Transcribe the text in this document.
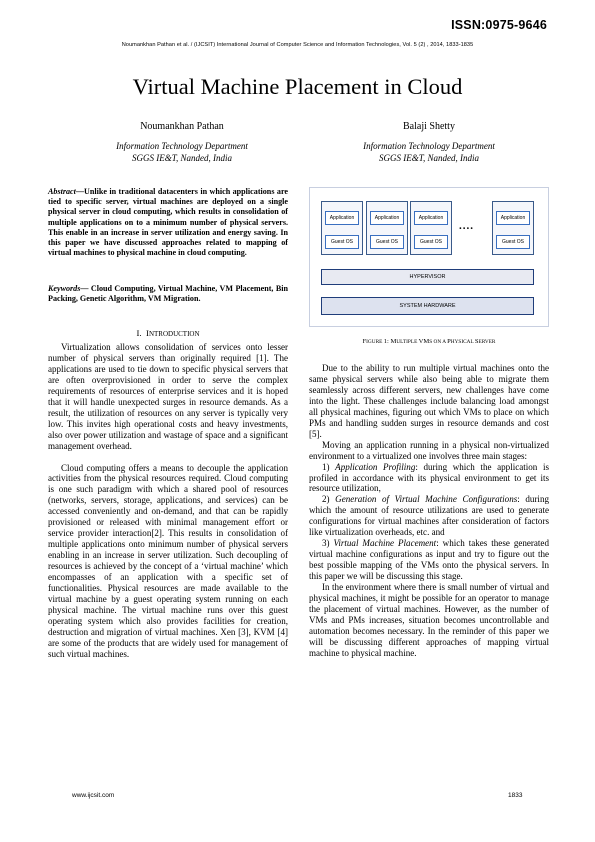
ISSN:0975-9646
Noumankhan Pathan et al. / (IJCSIT) International Journal of Computer Science and Information Technologies, Vol. 5 (2) , 2014, 1833-1835
Virtual Machine Placement in Cloud
Noumankhan Pathan
Information Technology Department
SGGS IE&T, Nanded, India
Balaji Shetty
Information Technology Department
SGGS IE&T, Nanded, India
Abstract—Unlike in traditional datacenters in which applications are tied to specific server, virtual machines are deployed on a single physical server in cloud computing, which results in consolidation of multiple applications on to a minimum number of physical servers. This enable in an increase in server utilization and energy saving. In this paper we have discussed approaches related to mapping of virtual machines to physical machine in cloud computing.
Keywords— Cloud Computing, Virtual Machine, VM Placement, Bin Packing, Genetic Algorithm, VM Migration.
I. INTRODUCTION

Virtualization allows consolidation of services onto lesser number of physical servers than originally required [1]. The applications are used to tie down to specific physical servers that are often overprovisioned in order to serve the complex requirements of resources of enterprise services and it is hoped that it will handle unexpected surges in resource demands. As a result, the utilization of resources on any server is typically very low. This invites high operational costs and heavy investments, also over power utilization and wastage of space and a significant management overhead.

Cloud computing offers a means to decouple the application activities from the physical resources required. Cloud computing is one such paradigm with which a shared pool of resources (networks, servers, storage, applications, and services) can be accessed conveniently and on-demand, and that can be rapidly provisioned or released with minimal management effort or service provider interaction[2]. This results in consolidation of multiple applications onto minimum number of physical servers enabling in an increase in server utilization. Such decoupling of resources is achieved by the concept of a ‘virtual machine’ which encompasses of an application with a specific set of functionalities. Physical resources are made available to the virtual machine by a guest operating system running on each physical machine. The virtual machine runs over this guest operating system which also provides facilities for creation, destruction and migration of virtual machines. Xen [3], KVM [4] are some of the products that are widely used for management of such virtual machines.

Application
Guest OS
Application
Guest OS
Application
Guest OS
....
Application
Guest OS
HYPERVISOR
SYSTEM HARDWARE
FIGURE 1: MULTIPLE VMS ON A PHYSICAL SERVER

Due to the ability to run multiple virtual machines onto the same physical servers while also being able to migrate them seamlessly across different servers, new challenges have come into the light. These challenges include balancing load amongst all physical machines, figuring out which VMs to place on which PMs and handling sudden surges in resource demands and cost [5].

Moving an application running in a physical non-virtualized environment to a virtualized one involves three main stages:

1) Application Profiling: during which the application is profiled in accordance with its physical environment to get its resource utilization,

2) Generation of Virtual Machine Configurations: during which the amount of resource utilizations are used to generate configurations for virtual machines after consideration of factors like virtualization overheads, etc. and

3) Virtual Machine Placement: which takes these generated virtual machine configurations as input and try to figure out the best possible mapping of the VMs onto the physical servers. In this paper we will be discussing this stage.

In the environment where there is small number of virtual and physical machines, it might be possible for an operator to manage the placement of virtual machines. However, as the number of VMs and PMs increases, situation becomes uncontrollable and automation becomes necessary. In the reminder of this paper we will be discussing different approaches of mapping virtual machine to physical machine.

www.ijcsit.com	1833
